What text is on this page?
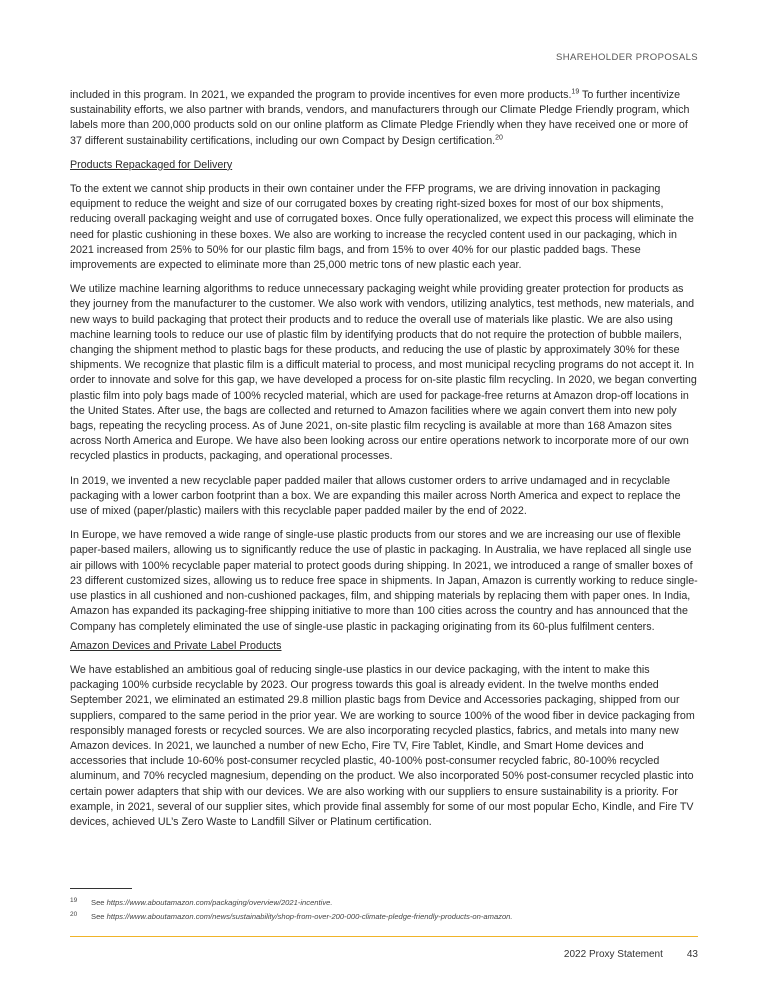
SHAREHOLDER PROPOSALS

included in this program. In 2021, we expanded the program to provide incentives for even more products.$^{19}$ To further incentivize sustainability efforts, we also partner with brands, vendors, and manufacturers through our Climate Pledge Friendly program, which labels more than 200,000 products sold on our online platform as Climate Pledge Friendly when they have received one or more of 37 different sustainability certifications, including our own Compact by Design certification.$^{20}$

Products Repackaged for Delivery

To the extent we cannot ship products in their own container under the FFP programs, we are driving innovation in packaging equipment to reduce the weight and size of our corrugated boxes by creating right-sized boxes for most of our box shipments, reducing overall packaging weight and use of corrugated boxes. Once fully operationalized, we expect this process will eliminate the need for plastic cushioning in these boxes. We also are working to increase the recycled content used in our packaging, which in 2021 increased from 25% to 50% for our plastic film bags, and from 15% to over 40% for our plastic padded bags. These improvements are expected to eliminate more than 25,000 metric tons of new plastic each year.

We utilize machine learning algorithms to reduce unnecessary packaging weight while providing greater protection for products as they journey from the manufacturer to the customer. We also work with vendors, utilizing analytics, test methods, new materials, and new ways to build packaging that protect their products and to reduce the overall use of materials like plastic. We are also using machine learning tools to reduce our use of plastic film by identifying products that do not require the protection of bubble mailers, changing the shipment method to plastic bags for these products, and reducing the use of plastic by approximately 30% for these shipments. We recognize that plastic film is a difficult material to process, and most municipal recycling programs do not accept it. In order to innovate and solve for this gap, we have developed a process for on-site plastic film recycling. In 2020, we began converting plastic film into poly bags made of 100% recycled material, which are used for package-free returns at Amazon drop-off locations in the United States. After use, the bags are collected and returned to Amazon facilities where we again convert them into new poly bags, repeating the recycling process. As of June 2021, on-site plastic film recycling is available at more than 168 Amazon sites across North America and Europe. We have also been looking across our entire operations network to incorporate more of our own recycled plastics in products, packaging, and operational processes.

In 2019, we invented a new recyclable paper padded mailer that allows customer orders to arrive undamaged and in recyclable packaging with a lower carbon footprint than a box. We are expanding this mailer across North America and expect to replace the use of mixed (paper/plastic) mailers with this recyclable paper padded mailer by the end of 2022.

In Europe, we have removed a wide range of single-use plastic products from our stores and we are increasing our use of flexible paper-based mailers, allowing us to significantly reduce the use of plastic in packaging. In Australia, we have replaced all single use air pillows with 100% recyclable paper material to protect goods during shipping. In 2021, we introduced a range of smaller boxes of 23 different customized sizes, allowing us to reduce free space in shipments. In Japan, Amazon is currently working to reduce single-use plastics in all cushioned and non-cushioned packages, film, and shipping materials by replacing them with paper ones. In India, Amazon has expanded its packaging-free shipping initiative to more than 100 cities across the country and has announced that the Company has completely eliminated the use of single-use plastic in packaging originating from its 60-plus fulfilment centers.

Amazon Devices and Private Label Products

We have established an ambitious goal of reducing single-use plastics in our device packaging, with the intent to make this packaging 100% curbside recyclable by 2023. Our progress towards this goal is already evident. In the twelve months ended September 2021, we eliminated an estimated 29.8 million plastic bags from Device and Accessories packaging, shipped from our suppliers, compared to the same period in the prior year. We are working to source 100% of the wood fiber in device packaging from responsibly managed forests or recycled sources. We are also incorporating recycled plastics, fabrics, and metals into many new Amazon devices. In 2021, we launched a number of new Echo, Fire TV, Fire Tablet, Kindle, and Smart Home devices and accessories that include 10-60% post-consumer recycled plastic, 40-100% post-consumer recycled fabric, 80-100% recycled aluminum, and 70% recycled magnesium, depending on the product. We also incorporated 50% post-consumer recycled plastic into certain power adapters that ship with our devices. We are also working with our suppliers to ensure sustainability is a priority. For example, in 2021, several of our supplier sites, which provide final assembly for some of our most popular Echo, Kindle, and Fire TV devices, achieved UL’s Zero Waste to Landfill Silver or Platinum certification.

19	See https://www.aboutamazon.com/packaging/overview/2021-incentive.
20	See https://www.aboutamazon.com/news/sustainability/shop-from-over-200-000-climate-pledge-friendly-products-on-amazon.
2022 Proxy Statement 43
